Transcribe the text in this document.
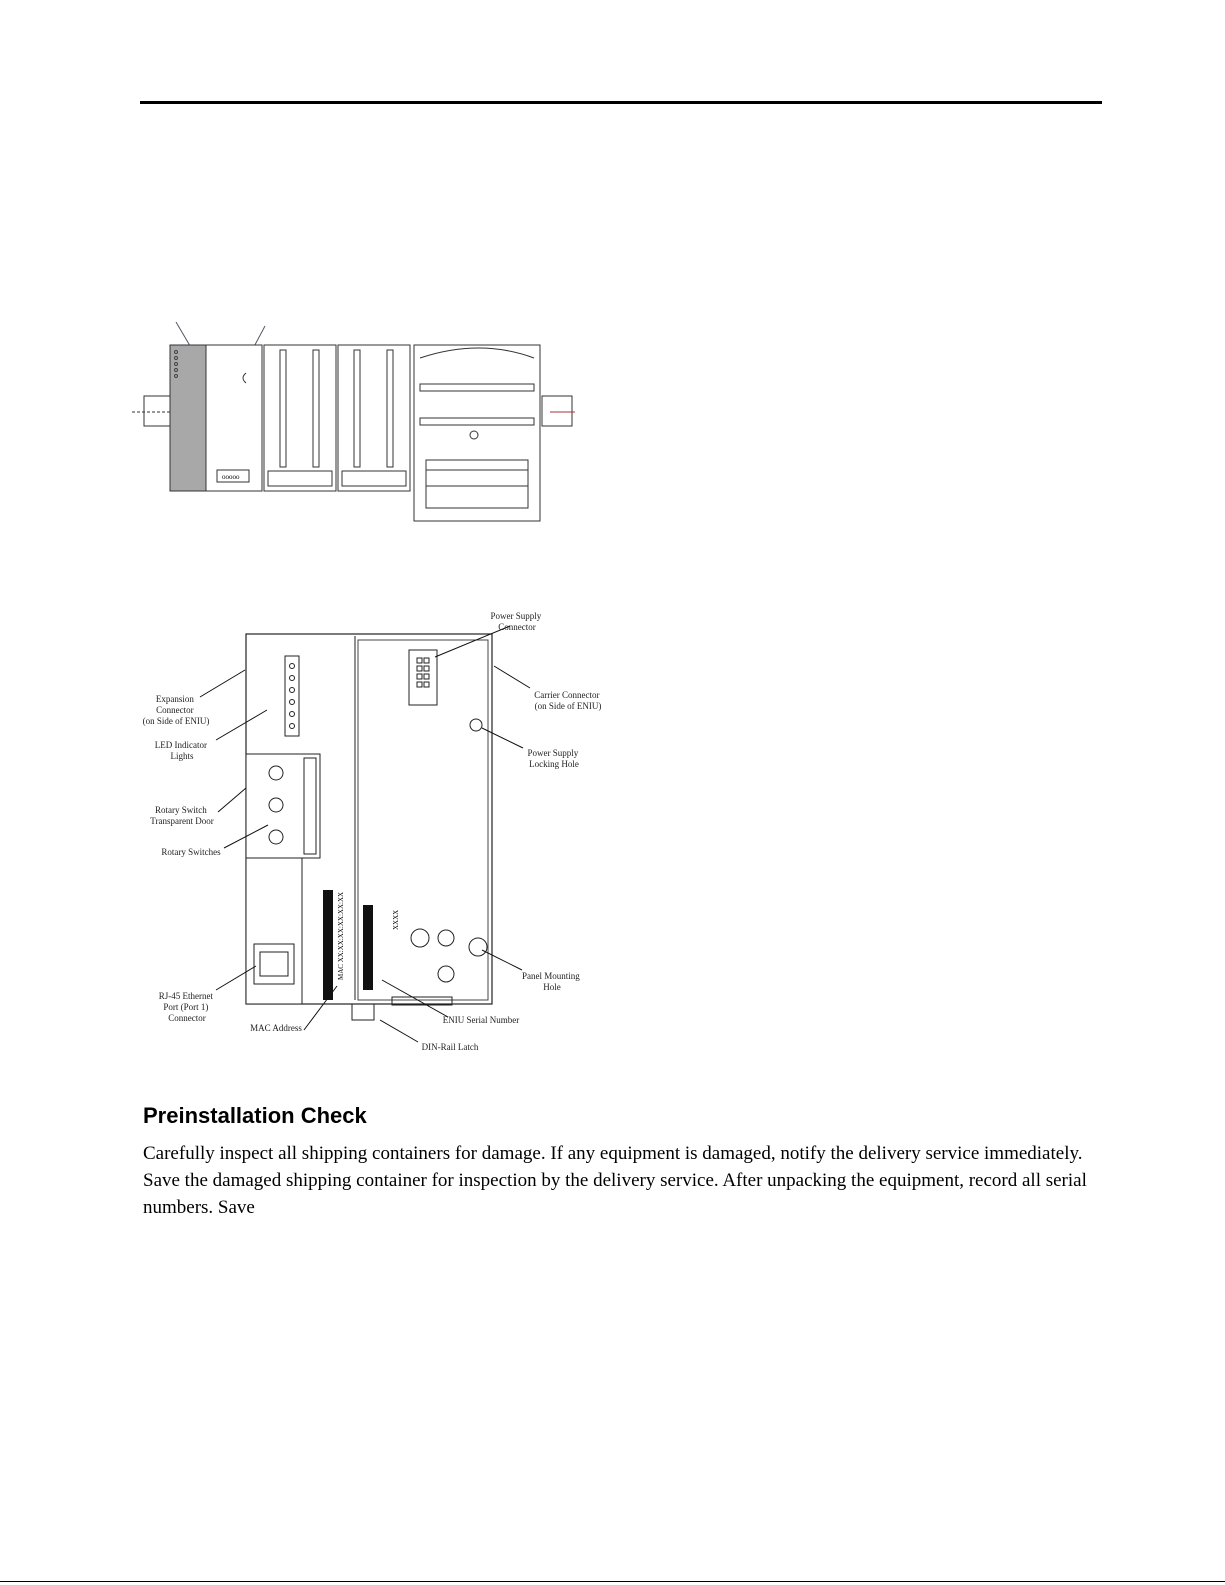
ooooo
MAC XX:XX:XX:XX:XX:XX	XXXX
Power Supply Connector
Carrier Connector (on Side of ENIU)
Power Supply Locking Hole
Expansion Connector (on Side of ENIU)
LED Indicator Lights
Rotary Switch Transparent Door
Rotary Switches
RJ-45 Ethernet Port (Port 1) Connector
MAC Address
Panel Mounting Hole
ENIU Serial Number
DIN-Rail Latch
Preinstallation Check

Carefully inspect all shipping containers for damage. If any equipment is damaged, notify the delivery service immediately. Save the damaged shipping container for inspection by the delivery service. After unpacking the equipment, record all serial numbers. Save
